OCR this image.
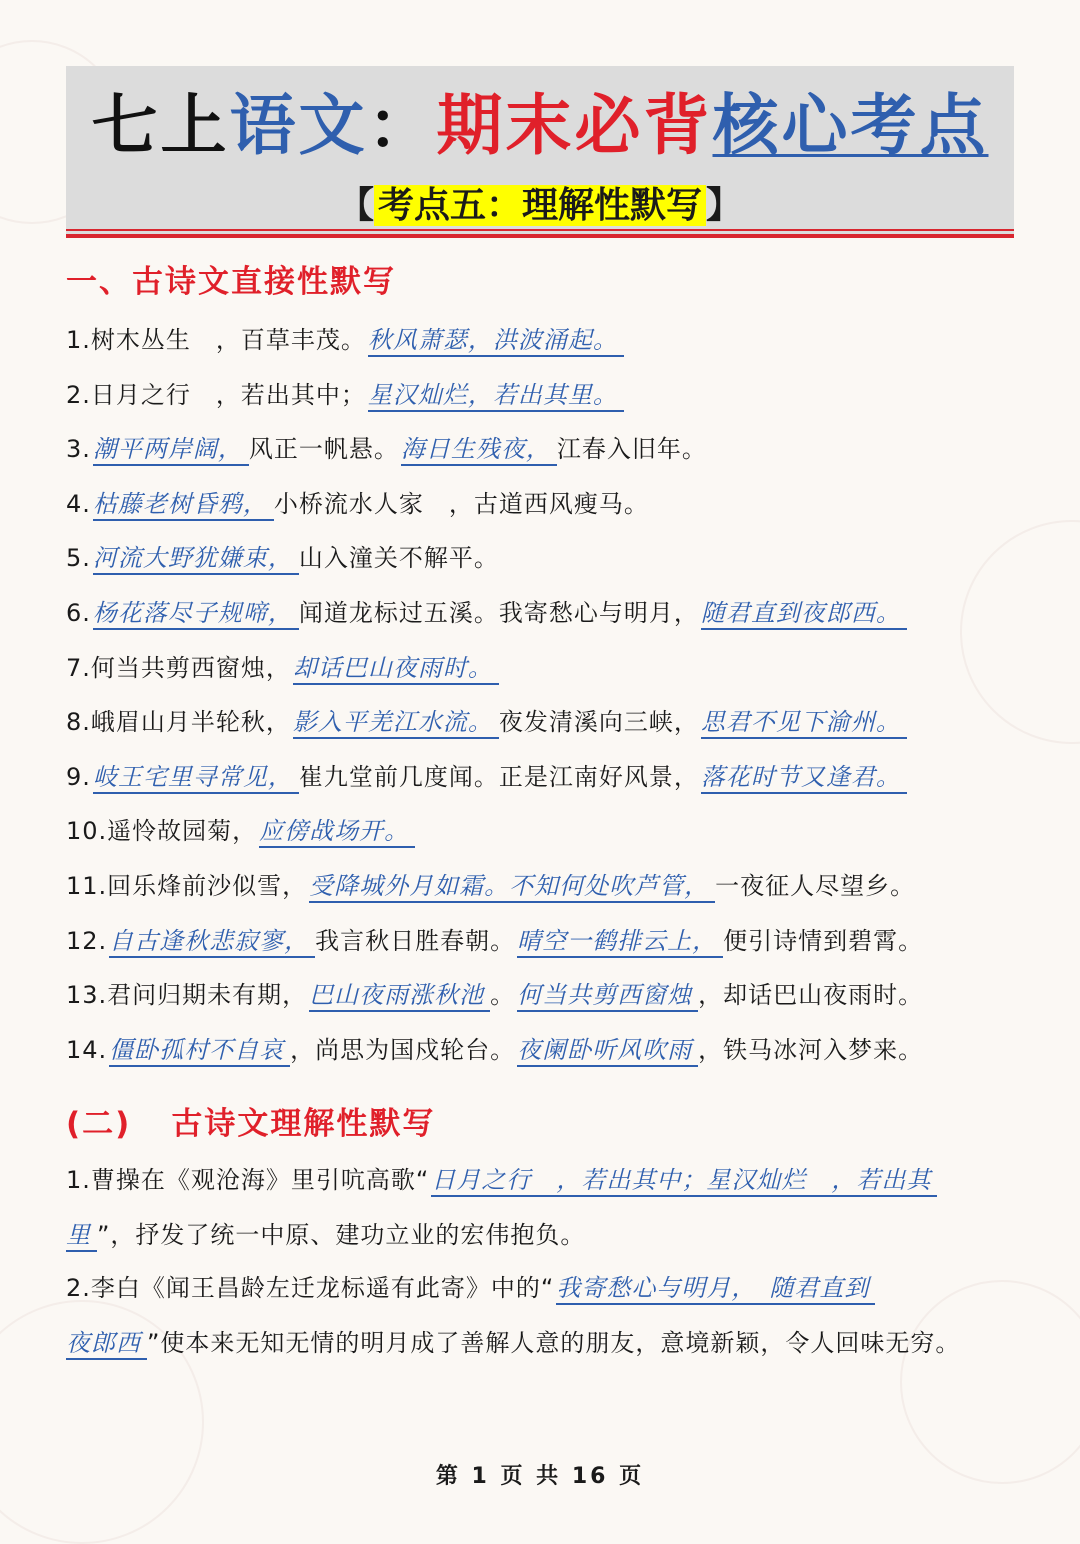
七上语文：期末必背核心考点
【 考点五：理解性默写 】
一、古诗文直接性默写
1.树木丛生　，百草丰茂。秋风萧瑟，洪波涌起。
2.日月之行　，若出其中；星汉灿烂，若出其里。
3.潮平两岸阔， 风正一帆悬。海日生残夜， 江春入旧年。
4.枯藤老树昏鸦， 小桥流水人家　，古道西风瘦马。
5.河流大野犹嫌束， 山入潼关不解平。
6.杨花落尽子规啼， 闻道龙标过五溪。我寄愁心与明月，随君直到夜郎西。
7.何当共剪西窗烛，却话巴山夜雨时。
8.峨眉山月半轮秋，影入平羌江水流。 夜发清溪向三峡，思君不见下渝州。
9.岐王宅里寻常见， 崔九堂前几度闻。正是江南好风景，落花时节又逢君。
10.遥怜故园菊，应傍战场开。
11.回乐烽前沙似雪，受降城外月如霜。不知何处吹芦管， 一夜征人尽望乡。
12.自古逢秋悲寂寥， 我言秋日胜春朝。晴空一鹤排云上， 便引诗情到碧霄。
13.君问归期未有期，巴山夜雨涨秋池 。何当共剪西窗烛 ，却话巴山夜雨时。
14.僵卧孤村不自哀 ，尚思为国戍轮台。夜阑卧听风吹雨 ，铁马冰河入梦来。
(二) 古诗文理解性默写
1.曹操在《观沧海》里引吭高歌“日月之行　，若出其中；星汉灿烂　，若出其
里 ”，抒发了统一中原、建功立业的宏伟抱负。
2.李白《闻王昌龄左迁龙标遥有此寄》中的“我寄愁心与明月，　随君直到
夜郎西 ”使本来无知无情的明月成了善解人意的朋友，意境新颖，令人回味无穷。
第 1 页 共 16 页
